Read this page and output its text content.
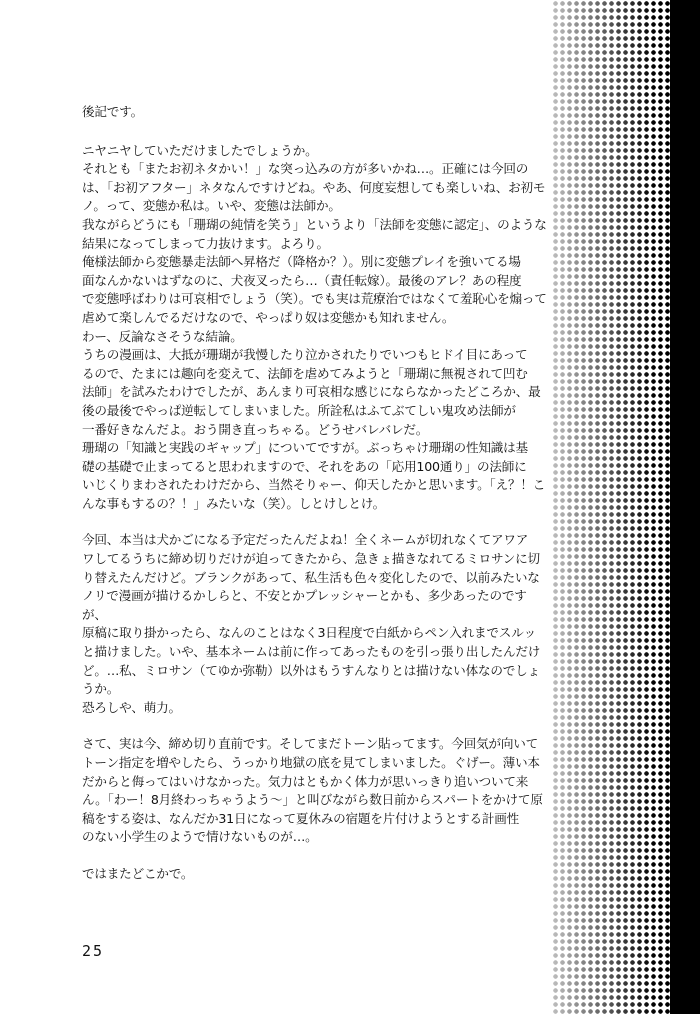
後記です。

ニヤニヤしていただけましたでしょうか。

それとも「またお初ネタかい！」な突っ込みの方が多いかね…。正確には今回の

は、「お初アフター」ネタなんですけどね。やあ、何度妄想しても楽しいね、お初モ

ノ。って、変態か私は。いや、変態は法師か。

我ながらどうにも「珊瑚の純情を笑う」というより「法師を変態に認定」、のような

結果になってしまって力抜けます。よろり。

俺様法師から変態暴走法師へ昇格だ（降格か？）。別に変態プレイを強いてる場

面なんかないはずなのに、犬夜叉ったら…（責任転嫁）。最後のアレ？あの程度

で変態呼ばわりは可哀相でしょう（笑）。でも実は荒療治ではなくて羞恥心を煽って

虐めて楽しんでるだけなので、やっぱり奴は変態かも知れません。

わー、反論なさそうな結論。

うちの漫画は、大抵が珊瑚が我慢したり泣かされたりでいつもヒドイ目にあって

るので、たまには趣向を変えて、法師を虐めてみようと「珊瑚に無視されて凹む

法師」を試みたわけでしたが、あんまり可哀相な感じにならなかったどころか、最

後の最後でやっぱ逆転してしまいました。所詮私はふてぶてしい鬼攻め法師が

一番好きなんだよ。おう開き直っちゃる。どうせバレバレだ。

珊瑚の「知識と実践のギャップ」についてですが。ぶっちゃけ珊瑚の性知識は基

礎の基礎で止まってると思われますので、それをあの「応用100通り」の法師に

いじくりまわされたわけだから、当然そりゃー、仰天したかと思います。「え？！こ

んな事もするの？！」みたいな（笑）。しとけしとけ。

今回、本当は犬かごになる予定だったんだよね！全くネームが切れなくてアワア

ワしてるうちに締め切りだけが迫ってきたから、急きょ描きなれてるミロサンに切

り替えたんだけど。ブランクがあって、私生活も色々変化したので、以前みたいな

ノリで漫画が描けるかしらと、不安とかプレッシャーとかも、多少あったのですが、

原稿に取り掛かったら、なんのことはなく3日程度で白紙からペン入れまでスルッ

と描けました。いや、基本ネームは前に作ってあったものを引っ張り出したんだけ

ど。…私、ミロサン（てゆか弥勒）以外はもうすんなりとは描けない体なのでしょうか。

恐ろしや、萌力。

さて、実は今、締め切り直前です。そしてまだトーン貼ってます。今回気が向いて

トーン指定を増やしたら、うっかり地獄の底を見てしまいました。ぐげー。薄い本

だからと侮ってはいけなかった。気力はともかく体力が思いっきり追いついて来

ん。「わー！8月終わっちゃうよう〜」と叫びながら数日前からスパートをかけて原

稿をする姿は、なんだか31日になって夏休みの宿題を片付けようとする計画性

のない小学生のようで情けないものが…。

ではまたどこかで。

25
